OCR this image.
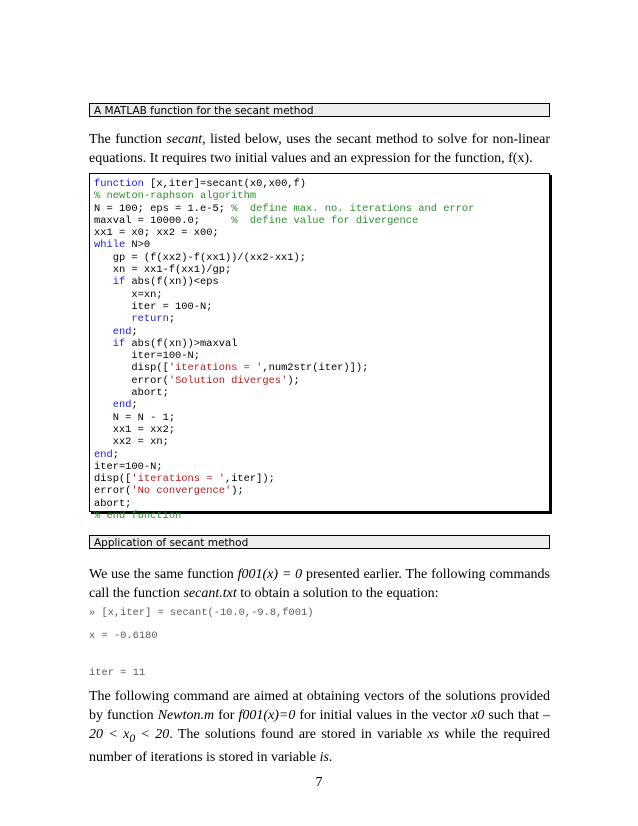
A MATLAB function for the secant method

The function secant, listed below, uses the secant method to solve for non-linear equations. It requires two initial values and an expression for the function, f(x).

function [x,iter]=secant(x0,x00,f)
% newton-raphson algorithm
N = 100; eps = 1.e-5; %  define max. no. iterations and error
maxval = 10000.0;     %  define value for divergence
xx1 = x0; xx2 = x00;
while N>0
gp = (f(xx2)-f(xx1))/(xx2-xx1);
xn = xx1-f(xx1)/gp;
if abs(f(xn))<eps
x=xn;
iter = 100-N;
return;
end;
if abs(f(xn))>maxval
iter=100-N;
disp(['iterations = ',num2str(iter)]);
error('Solution diverges');
abort;
end;
N = N - 1;
xx1 = xx2;
xx2 = xn;
end;
iter=100-N;
disp(['iterations = ',iter]);
error('No convergence');
abort;
% end function
Application of secant method

We use the same function f001(x) = 0 presented earlier. The following commands call the function secant.txt to obtain a solution to the equation:

» [x,iter] = secant(-10.0,-9.8,f001)
x = -0.6180
iter = 11

The following command are aimed at obtaining vectors of the solutions provided by function Newton.m for f001(x)=0 for initial values in the vector x0 such that $-20 < x_0 < 20$. The solutions found are stored in variable xs while the required number of iterations is stored in variable is.

7
